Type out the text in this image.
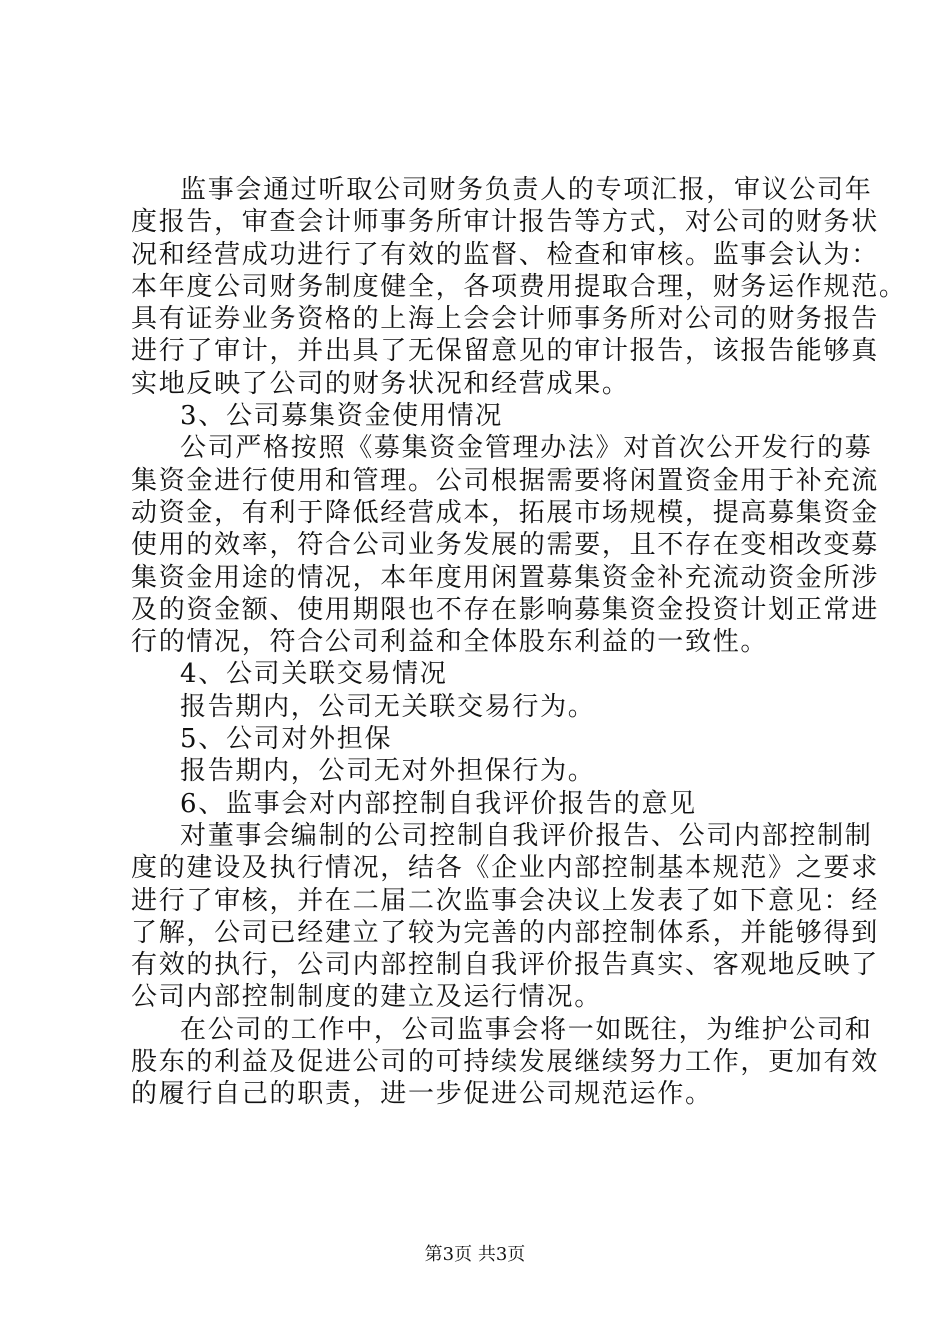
监事会通过听取公司财务负责人的专项汇报，审议公司年
度报告，审查会计师事务所审计报告等方式，对公司的财务状
况和经营成功进行了有效的监督、检查和审核。监事会认为：
本年度公司财务制度健全，各项费用提取合理，财务运作规范。
具有证券业务资格的上海上会会计师事务所对公司的财务报告
进行了审计，并出具了无保留意见的审计报告，该报告能够真
实地反映了公司的财务状况和经营成果。
3、公司募集资金使用情况
公司严格按照《募集资金管理办法》对首次公开发行的募
集资金进行使用和管理。公司根据需要将闲置资金用于补充流
动资金，有利于降低经营成本，拓展市场规模，提高募集资金
使用的效率，符合公司业务发展的需要，且不存在变相改变募
集资金用途的情况，本年度用闲置募集资金补充流动资金所涉
及的资金额、使用期限也不存在影响募集资金投资计划正常进
行的情况，符合公司利益和全体股东利益的一致性。
4、公司关联交易情况
报告期内，公司无关联交易行为。
5、公司对外担保
报告期内，公司无对外担保行为。
6、监事会对内部控制自我评价报告的意见
对董事会编制的公司控制自我评价报告、公司内部控制制
度的建设及执行情况，结各《企业内部控制基本规范》之要求
进行了审核，并在二届二次监事会决议上发表了如下意见：经
了解，公司已经建立了较为完善的内部控制体系，并能够得到
有效的执行，公司内部控制自我评价报告真实、客观地反映了
公司内部控制制度的建立及运行情况。
在公司的工作中，公司监事会将一如既往，为维护公司和
股东的利益及促进公司的可持续发展继续努力工作，更加有效
的履行自己的职责，进一步促进公司规范运作。
第3页 共3页
